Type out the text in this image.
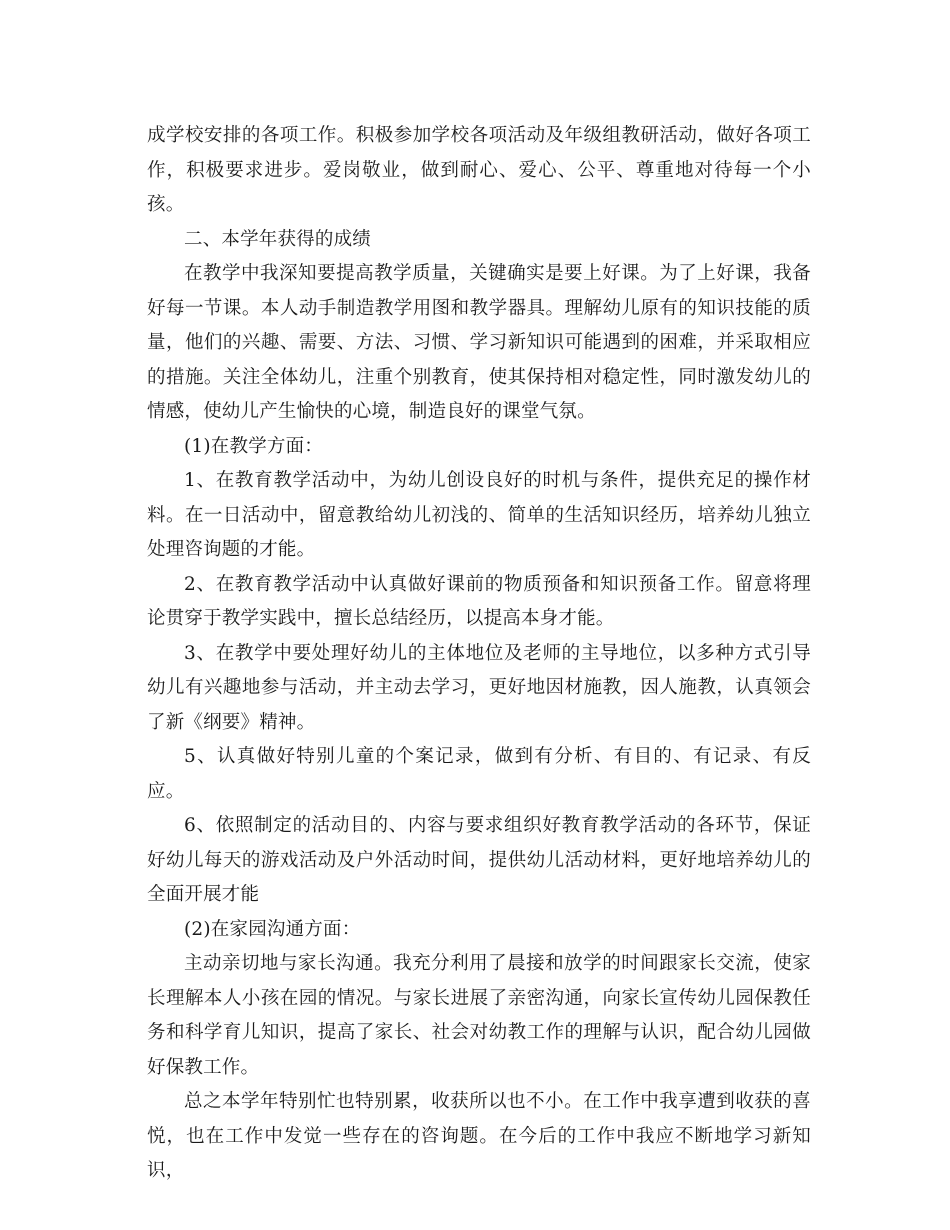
成学校安排的各项工作。积极参加学校各项活动及年级组教研活动，做好各项工作，积极要求进步。爱岗敬业，做到耐心、爱心、公平、尊重地对待每一个小孩。

二、本学年获得的成绩

在教学中我深知要提高教学质量，关键确实是要上好课。为了上好课，我备好每一节课。本人动手制造教学用图和教学器具。理解幼儿原有的知识技能的质量，他们的兴趣、需要、方法、习惯、学习新知识可能遇到的困难，并采取相应的措施。关注全体幼儿，注重个别教育，使其保持相对稳定性，同时激发幼儿的情感，使幼儿产生愉快的心境，制造良好的课堂气氛。

(1)在教学方面：

1、在教育教学活动中，为幼儿创设良好的时机与条件，提供充足的操作材料。在一日活动中，留意教给幼儿初浅的、简单的生活知识经历，培养幼儿独立处理咨询题的才能。

2、在教育教学活动中认真做好课前的物质预备和知识预备工作。留意将理论贯穿于教学实践中，擅长总结经历，以提高本身才能。

3、在教学中要处理好幼儿的主体地位及老师的主导地位，以多种方式引导幼儿有兴趣地参与活动，并主动去学习，更好地因材施教，因人施教，认真领会了新《纲要》精神。

5、认真做好特别儿童的个案记录，做到有分析、有目的、有记录、有反应。

6、依照制定的活动目的、内容与要求组织好教育教学活动的各环节，保证好幼儿每天的游戏活动及户外活动时间，提供幼儿活动材料，更好地培养幼儿的全面开展才能

(2)在家园沟通方面：

主动亲切地与家长沟通。我充分利用了晨接和放学的时间跟家长交流，使家长理解本人小孩在园的情况。与家长进展了亲密沟通，向家长宣传幼儿园保教任务和科学育儿知识，提高了家长、社会对幼教工作的理解与认识，配合幼儿园做好保教工作。

总之本学年特别忙也特别累，收获所以也不小。在工作中我享遭到收获的喜悦，也在工作中发觉一些存在的咨询题。在今后的工作中我应不断地学习新知识，
